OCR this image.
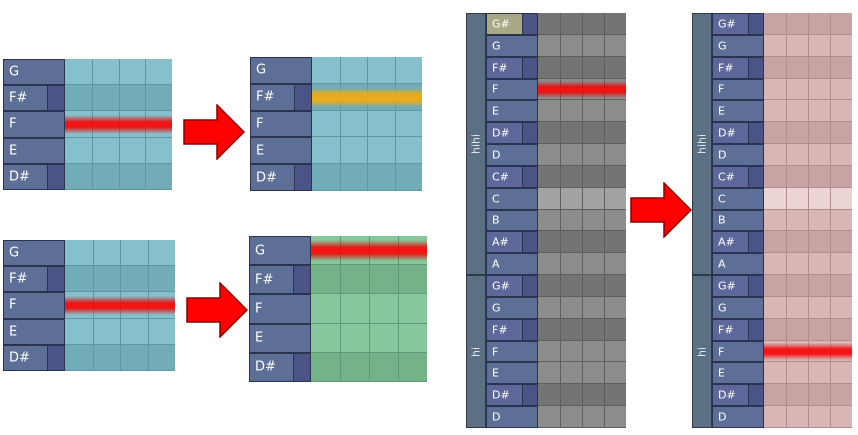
G
F#
F
E
D#
G
F#
F
E
D#
G
F#
F
E
D#
G
F#
F
E
D#
hihi
hi
G#
G
F#
F
E
D#
D
C#
C
B
A#
A
G#
G
F#
F
E
D#
D
hihi
hi
G#
G
F#
F
E
D#
D
C#
C
B
A#
A
G#
G
F#
F
E
D#
D
